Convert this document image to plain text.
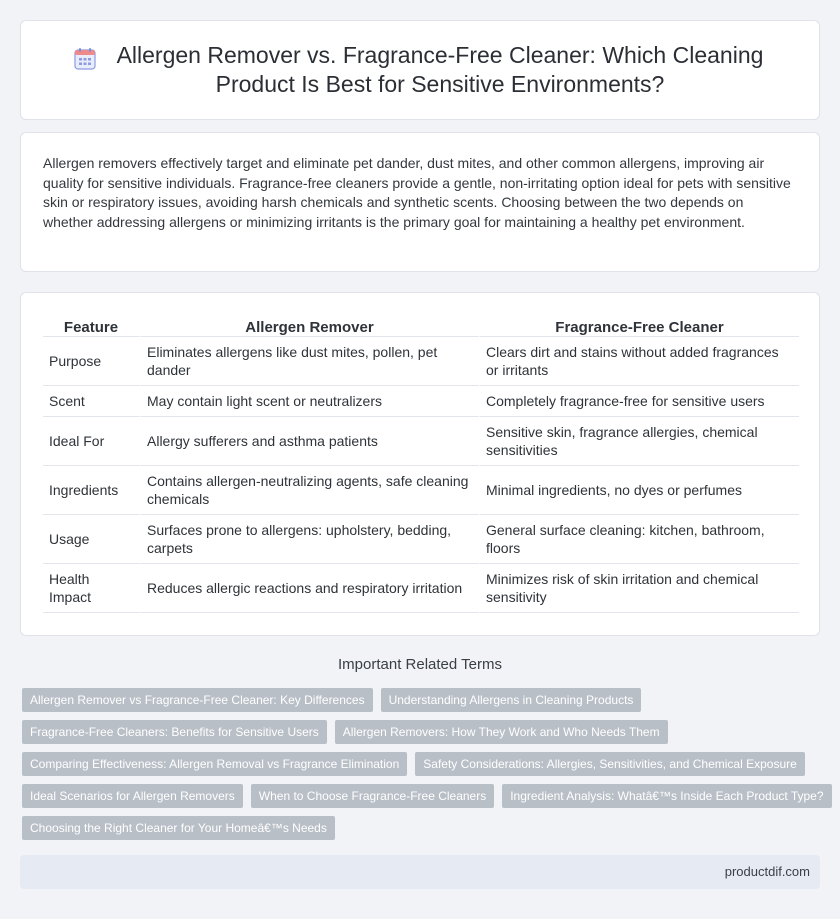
Allergen Remover vs. Fragrance-Free Cleaner: Which Cleaning Product Is Best for Sensitive Environments?

Allergen removers effectively target and eliminate pet dander, dust mites, and other common allergens, improving air quality for sensitive individuals. Fragrance-free cleaners provide a gentle, non-irritating option ideal for pets with sensitive skin or respiratory issues, avoiding harsh chemicals and synthetic scents. Choosing between the two depends on whether addressing allergens or minimizing irritants is the primary goal for maintaining a healthy pet environment.

Feature	Allergen Remover	Fragrance-Free Cleaner
Purpose	Eliminates allergens like dust mites, pollen, pet dander	Clears dirt and stains without added fragrances or irritants
Scent	May contain light scent or neutralizers	Completely fragrance-free for sensitive users
Ideal For	Allergy sufferers and asthma patients	Sensitive skin, fragrance allergies, chemical sensitivities
Ingredients	Contains allergen-neutralizing agents, safe cleaning chemicals	Minimal ingredients, no dyes or perfumes
Usage	Surfaces prone to allergens: upholstery, bedding, carpets	General surface cleaning: kitchen, bathroom, floors
Health Impact	Reduces allergic reactions and respiratory irritation	Minimizes risk of skin irritation and chemical sensitivity
Important Related Terms
Allergen Remover vs Fragrance-Free Cleaner: Key Differences	Understanding Allergens in Cleaning Products
Fragrance-Free Cleaners: Benefits for Sensitive Users	Allergen Removers: How They Work and Who Needs Them
Comparing Effectiveness: Allergen Removal vs Fragrance Elimination	Safety Considerations: Allergies, Sensitivities, and Chemical Exposure
Ideal Scenarios for Allergen Removers	When to Choose Fragrance-Free Cleaners	Ingredient Analysis: Whatâ€™s Inside Each Product Type?
Choosing the Right Cleaner for Your Homeâ€™s Needs
productdif.com
